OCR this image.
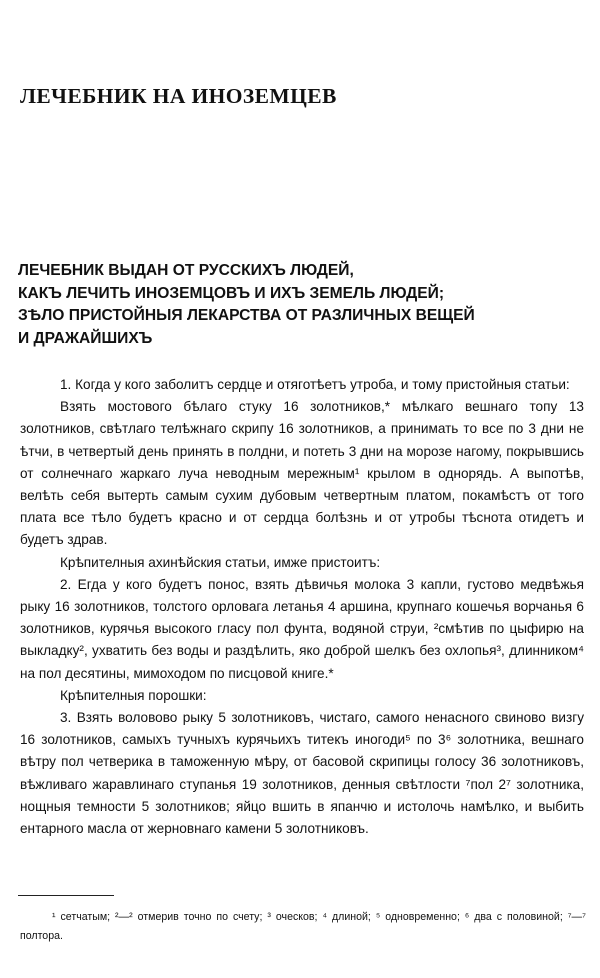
ЛЕЧЕБНИК НА ИНОЗЕМЦЕВ
ЛЕЧЕБНИК ВЫДАН ОТ РУССКИХЪ ЛЮДЕЙ,
КАКЪ ЛЕЧИТЬ ИНОЗЕМЦОВЪ И ИХЪ ЗЕМЕЛЬ ЛЮДЕЙ;
ЗѢЛО ПРИСТОЙНЫЯ ЛЕКАРСТВА ОТ РАЗЛИЧНЫХ ВЕЩЕЙ
И ДРАЖАЙШИХЪ

1. Когда у кого заболитъ сердце и отяготѣетъ утроба, и тому пристойныя статьи:

Взять мостового бѣлаго стуку 16 золотников,* мѣлкаго вешнаго топу 13 золотников, свѣтлаго телѣжнаго скрипу 16 золотников, а принимать то все по 3 дни не ѣтчи, в четвертый день принять в полдни, и потеть 3 дни на морозе нагому, покрывшись от солнечнаго жаркаго луча неводным мережным¹ крылом в однорядь. А выпотѣв, велѣть себя вытерть самым сухим дубовым четвертным платом, покамѣстъ от того плата все тѣло будетъ красно и от сердца болѣзнь и от утробы тѣснота отидетъ и будетъ здрав.

Крѣпителныя ахинѣйския статьи, имже пристоитъ:

2. Егда у кого будетъ понос, взять дѣвичья молока 3 капли, густово медвѣжья рыку 16 золотников, толстого орловага летанья 4 аршина, крупнаго кошечья ворчанья 6 золотников, курячья высокого гласу пол фунта, водяной струи, ²смѣтив по цыфирю на выкладку², ухватить без воды и раздѣлить, яко доброй шелкъ без охлопья³, длинником⁴ на пол десятины, мимоходом по писцовой книге.*

Крѣпителныя порошки:

3. Взять воловово рыку 5 золотниковъ, чистаго, самого ненасного свиново визгу 16 золотников, самыхъ тучныхъ курячьихъ титекъ иногоди⁵ по 3⁶ золотника, вешнаго вѣтру пол четверика в таможенную мѣру, от басовой скрипицы голосу 36 золотниковъ, вѣжливаго жаравлинаго ступанья 19 золотников, денныя свѣтлости ⁷пол 2⁷ золотника, нощныя темности 5 золотников; яйцо вшить в япанчю и истолочь намѣлко, и выбить ентарного масла от жерновнаго камени 5 золотниковъ.

¹ сетчатым; ²—² отмерив точно по счету; ³ оческов; ⁴ длиной; ⁵ одновременно; ⁶ два с половиной; ⁷—⁷ полтора.
